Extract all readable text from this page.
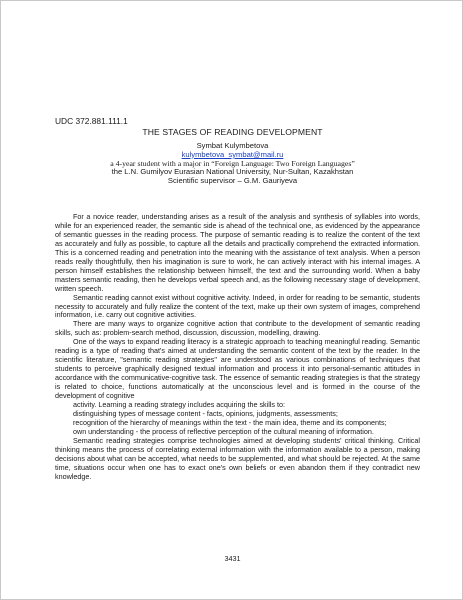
UDC 372.881.111.1
THE STAGES OF READING DEVELOPMENT
Symbat Kulymbetova
kulymbetova_symbat@mail.ru
a 4-year student with a major in “Foreign Language: Two Foreign Languages”
the L.N. Gumilyov Eurasian National University, Nur-Sultan, Kazakhstan
Scientific supervisor – G.M. Gauriyeva

For a novice reader, understanding arises as a result of the analysis and synthesis of syllables into words, while for an experienced reader, the semantic side is ahead of the technical one, as evidenced by the appearance of semantic guesses in the reading process. The purpose of semantic reading is to realize the content of the text as accurately and fully as possible, to capture all the details and practically comprehend the extracted information. This is a concerned reading and penetration into the meaning with the assistance of text analysis. When a person reads really thoughtfully, then his imagination is sure to work, he can actively interact with his internal images. A person himself establishes the relationship between himself, the text and the surrounding world. When a baby masters semantic reading, then he develops verbal speech and, as the following necessary stage of development, written speech.

Semantic reading cannot exist without cognitive activity. Indeed, in order for reading to be semantic, students necessity to accurately and fully realize the content of the text, make up their own system of images, comprehend information, i.e. carry out cognitive activities.

There are many ways to organize cognitive action that contribute to the development of semantic reading skills, such as: problem-search method, discussion, discussion, modelling, drawing.

One of the ways to expand reading literacy is a strategic approach to teaching meaningful reading. Semantic reading is a type of reading that's aimed at understanding the semantic content of the text by the reader. In the scientific literature, "semantic reading strategies" are understood as various combinations of techniques that students to perceive graphically designed textual information and process it into personal-semantic attitudes in accordance with the communicative-cognitive task. The essence of semantic reading strategies is that the strategy is related to choice, functions automatically at the unconscious level and is formed in the course of the development of cognitive

activity. Learning a reading strategy includes acquiring the skills to:

distinguishing types of message content - facts, opinions, judgments, assessments;

recognition of the hierarchy of meanings within the text - the main idea, theme and its components;

own understanding - the process of reflective perception of the cultural meaning of information.

Semantic reading strategies comprise technologies aimed at developing students' critical thinking. Critical thinking means the process of correlating external information with the information available to a person, making decisions about what can be accepted, what needs to be supplemented, and what should be rejected. At the same time, situations occur when one has to exact one's own beliefs or even abandon them if they contradict new knowledge.

3431
